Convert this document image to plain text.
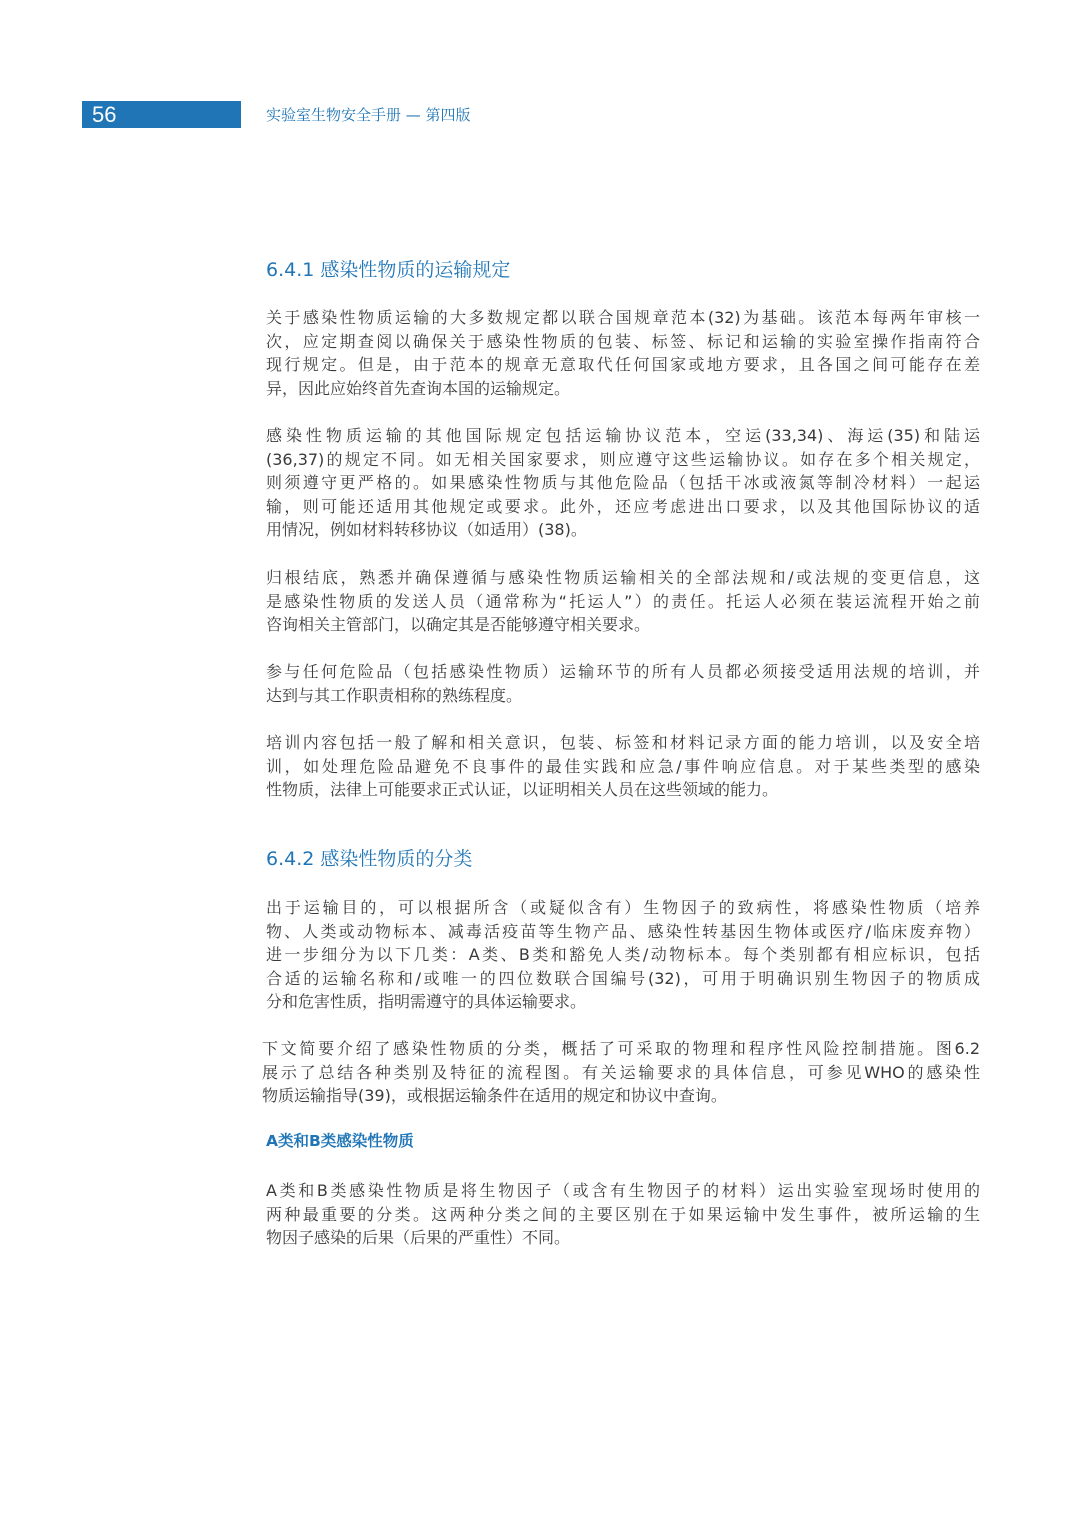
56	实验室生物安全手册 — 第四版
6.4.1 感染性物质的运输规定

关于感染性物质运输的大多数规定都以联合国规章范本(32)为基础。该范本每两年审核一
次，应定期查阅以确保关于感染性物质的包装、标签、标记和运输的实验室操作指南符合
现行规定。但是，由于范本的规章无意取代任何国家或地方要求，且各国之间可能存在差
异，因此应始终首先查询本国的运输规定。

感染性物质运输的其他国际规定包括运输协议范本，空运(33,34)、海运(35)和陆运
(36,37)的规定不同。如无相关国家要求，则应遵守这些运输协议。如存在多个相关规定，
则须遵守更严格的。如果感染性物质与其他危险品（包括干冰或液氮等制冷材料）一起运
输，则可能还适用其他规定或要求。此外，还应考虑进出口要求，以及其他国际协议的适
用情况，例如材料转移协议（如适用）(38)。

归根结底，熟悉并确保遵循与感染性物质运输相关的全部法规和/或法规的变更信息，这
是感染性物质的发送人员（通常称为“托运人”）的责任。托运人必须在装运流程开始之前
咨询相关主管部门，以确定其是否能够遵守相关要求。

参与任何危险品（包括感染性物质）运输环节的所有人员都必须接受适用法规的培训，并
达到与其工作职责相称的熟练程度。

培训内容包括一般了解和相关意识，包装、标签和材料记录方面的能力培训，以及安全培
训，如处理危险品避免不良事件的最佳实践和应急/事件响应信息。对于某些类型的感染
性物质，法律上可能要求正式认证，以证明相关人员在这些领域的能力。

6.4.2 感染性物质的分类

出于运输目的，可以根据所含（或疑似含有）生物因子的致病性，将感染性物质（培养
物、人类或动物标本、减毒活疫苗等生物产品、感染性转基因生物体或医疗/临床废弃物）
进一步细分为以下几类：A类、B类和豁免人类/动物标本。每个类别都有相应标识，包括
合适的运输名称和/或唯一的四位数联合国编号(32)，可用于明确识别生物因子的物质成
分和危害性质，指明需遵守的具体运输要求。

下文简要介绍了感染性物质的分类，概括了可采取的物理和程序性风险控制措施。图6.2
展示了总结各种类别及特征的流程图。有关运输要求的具体信息，可参见WHO的感染性
物质运输指导(39)，或根据运输条件在适用的规定和协议中查询。

A类和B类感染性物质

A类和B类感染性物质是将生物因子（或含有生物因子的材料）运出实验室现场时使用的
两种最重要的分类。这两种分类之间的主要区别在于如果运输中发生事件，被所运输的生
物因子感染的后果（后果的严重性）不同。
